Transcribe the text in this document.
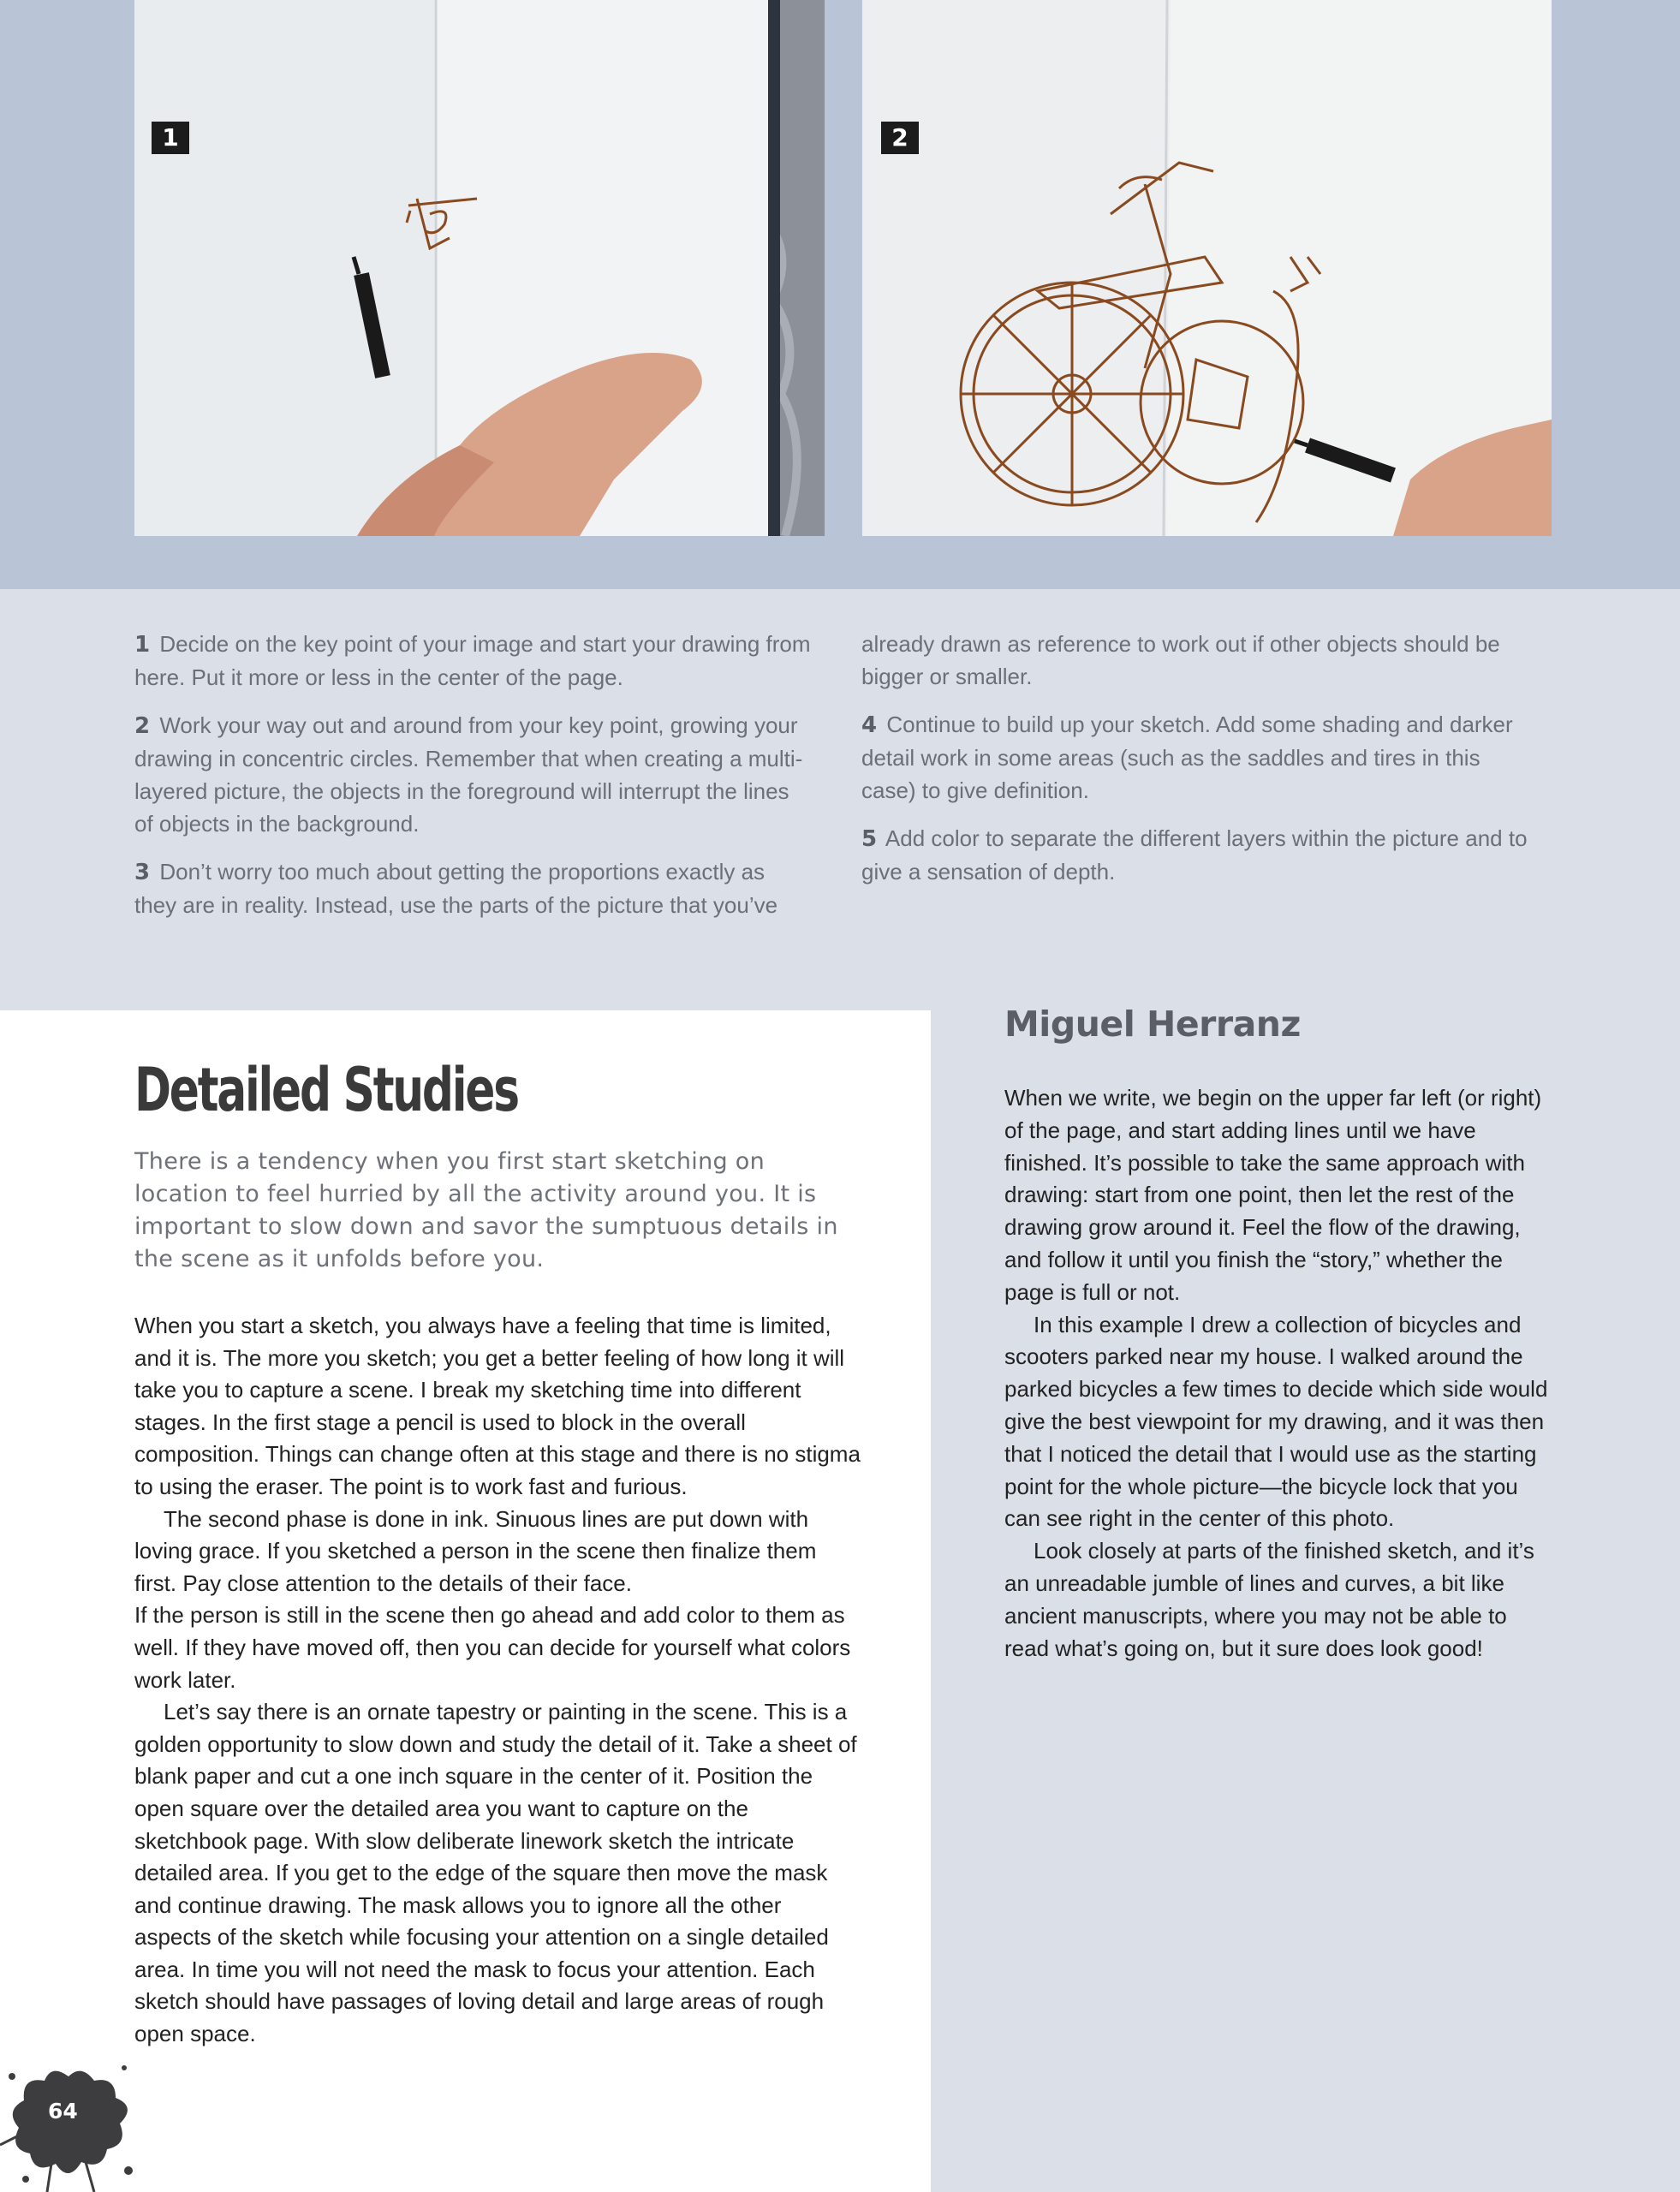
1	2

1 Decide on the key point of your image and start your drawing from here. Put it more or less in the center of the page.

2 Work your way out and around from your key point, growing your drawing in concentric circles. Remember that when creating a multi-layered picture, the objects in the foreground will interrupt the lines of objects in the background.

3 Don’t worry too much about getting the proportions exactly as they are in reality. Instead, use the parts of the picture that you’ve

already drawn as reference to work out if other objects should be bigger or smaller.

4 Continue to build up your sketch. Add some shading and darker detail work in some areas (such as the saddles and tires in this case) to give definition.

5 Add color to separate the different layers within the picture and to give a sensation of depth.

Detailed Studies

There is a tendency when you first start sketching on location to feel hurried by all the activity around you. It is important to slow down and savor the sumptuous details in the scene as it unfolds before you.

When you start a sketch, you always have a feeling that time is limited, and it is. The more you sketch; you get a better feeling of how long it will take you to capture a scene. I break my sketching time into different stages. In the first stage a pencil is used to block in the overall composition. Things can change often at this stage and there is no stigma to using the eraser. The point is to work fast and furious.

The second phase is done in ink. Sinuous lines are put down with loving grace. If you sketched a person in the scene then finalize them first. Pay close attention to the details of their face.

If the person is still in the scene then go ahead and add color to them as well. If they have moved off, then you can decide for yourself what colors work later.

Let’s say there is an ornate tapestry or painting in the scene. This is a golden opportunity to slow down and study the detail of it. Take a sheet of blank paper and cut a one inch square in the center of it. Position the open square over the detailed area you want to capture on the sketchbook page. With slow deliberate linework sketch the intricate detailed area. If you get to the edge of the square then move the mask and continue drawing. The mask allows you to ignore all the other aspects of the sketch while focusing your attention on a single detailed area. In time you will not need the mask to focus your attention. Each sketch should have passages of loving detail and large areas of rough open space.

Miguel Herranz

When we write, we begin on the upper far left (or right) of the page, and start adding lines until we have finished. It’s possible to take the same approach with drawing: start from one point, then let the rest of the drawing grow around it. Feel the flow of the drawing, and follow it until you finish the “story,” whether the page is full or not.

In this example I drew a collection of bicycles and scooters parked near my house. I walked around the parked bicycles a few times to decide which side would give the best viewpoint for my drawing, and it was then that I noticed the detail that I would use as the starting point for the whole picture—the bicycle lock that you can see right in the center of this photo.

Look closely at parts of the finished sketch, and it’s an unreadable jumble of lines and curves, a bit like ancient manuscripts, where you may not be able to read what’s going on, but it sure does look good!

64
